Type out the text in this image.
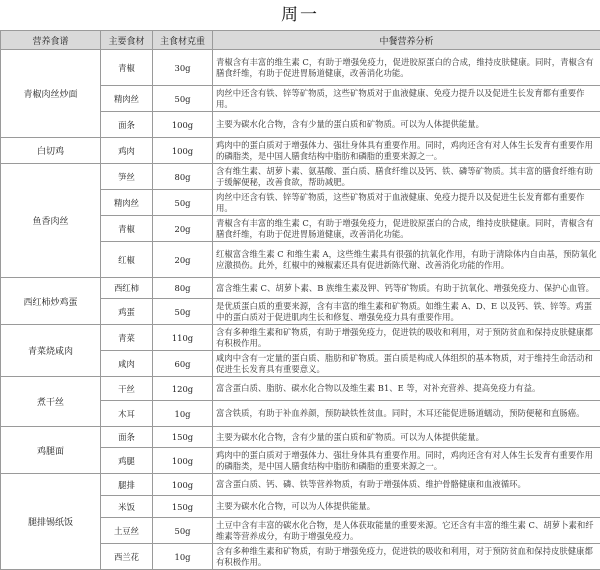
周一
营养食谱	主要食材	主食材克重	中餐营养分析
青椒肉丝炒面	青椒	30g	青椒含有丰富的维生素 C，有助于增强免疫力，促进胶原蛋白的合成，维持皮肤健康。同时，青椒含有膳食纤维，有助于促进胃肠道健康，改善消化功能。
	精肉丝	50g	肉丝中还含有铁、锌等矿物质，这些矿物质对于血液健康、免疫力提升以及促进生长发育都有重要作用。
	面条	100g	主要为碳水化合物，含有少量的蛋白质和矿物质。可以为人体提供能量。
白切鸡	鸡肉	100g	鸡肉中的蛋白质对于增强体力、强壮身体具有重要作用。同时，鸡肉还含有对人体生长发育有重要作用的磷脂类，是中国人膳食结构中脂肪和磷脂的重要来源之一。
鱼香肉丝	笋丝	80g	含有维生素、胡萝卜素、氨基酸、蛋白质、膳食纤维以及钙、铁、磷等矿物质。其丰富的膳食纤维有助于缓解便秘，改善食欲，帮助减肥。
	精肉丝	50g	肉丝中还含有铁、锌等矿物质，这些矿物质对于血液健康、免疫力提升以及促进生长发育都有重要作用。
	青椒	20g	青椒含有丰富的维生素 C，有助于增强免疫力，促进胶原蛋白的合成，维持皮肤健康。同时，青椒含有膳食纤维，有助于促进胃肠道健康，改善消化功能。
	红椒	20g	红椒富含维生素 C 和维生素 A，这些维生素具有很强的抗氧化作用，有助于清除体内自由基，预防氧化应激损伤。此外，红椒中的辣椒素还具有促进新陈代谢、改善消化功能的作用。
西红柿炒鸡蛋	西红柿	80g	富含维生素 C、胡萝卜素、B 族维生素及钾、钙等矿物质。有助于抗氧化、增强免疫力、保护心血管。
	鸡蛋	50g	是优质蛋白质的重要来源，含有丰富的维生素和矿物质。如维生素 A、D、E 以及钙、铁、锌等。鸡蛋中的蛋白质对于促进肌肉生长和修复、增强免疫力具有重要作用。
青菜烧咸肉	青菜	110g	含有多种维生素和矿物质，有助于增强免疫力，促进铁的吸收和利用，对于预防贫血和保持皮肤健康都有积极作用。
	咸肉	60g	咸肉中含有一定量的蛋白质、脂肪和矿物质。蛋白质是构成人体组织的基本物质，对于维持生命活动和促进生长发育具有重要意义。
煮干丝	干丝	120g	富含蛋白质、脂肪、碳水化合物以及维生素 B1、E 等，对补充营养、提高免疫力有益。
	木耳	10g	富含铁质，有助于补血养颜，预防缺铁性贫血。同时，木耳还能促进肠道蠕动，预防便秘和直肠癌。
鸡腿面	面条	150g	主要为碳水化合物，含有少量的蛋白质和矿物质。可以为人体提供能量。
	鸡腿	100g	鸡肉中的蛋白质对于增强体力、强壮身体具有重要作用。同时，鸡肉还含有对人体生长发育有重要作用的磷脂类，是中国人膳食结构中脂肪和磷脂的重要来源之一。
腿排锡纸饭	腿排	100g	富含蛋白质、钙、磷、铁等营养物质，有助于增强体质、维护骨骼健康和血液循环。
	米饭	150g	主要为碳水化合物，可以为人体提供能量。
	土豆丝	50g	土豆中含有丰富的碳水化合物，是人体获取能量的重要来源。它还含有丰富的维生素 C、胡萝卜素和纤维素等营养成分，有助于增强免疫力。
	西兰花	10g	含有多种维生素和矿物质，有助于增强免疫力，促进铁的吸收和利用，对于预防贫血和保持皮肤健康都有积极作用。
